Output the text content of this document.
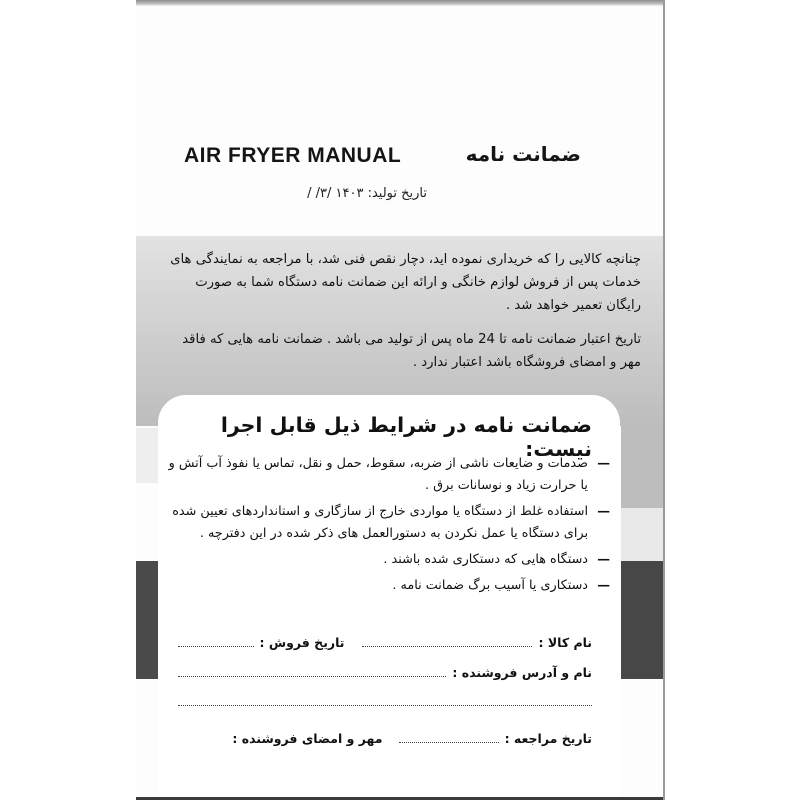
AIR FRYER MANUAL	ضمانت نامه
تاریخ تولید: ۱۴۰۳ /۳/ /

چنانچه کالایی را که خریداری نموده اید، دچار نقص فنی شد، با مراجعه به نمایندگی های خدمات پس از فروش لوازم خانگی و ارائه این ضمانت نامه دستگاه شما به صورت رایگان تعمیر خواهد شد .

تاریخ اعتبار ضمانت نامه تا 24 ماه پس از تولید می باشد . ضمانت نامه هایی که فاقد مهر و امضای فروشگاه باشد اعتبار ندارد .

ضمانت نامه در شرایط ذیل قابل اجرا نیست:
—
صدمات و ضایعات ناشی از ضربه، سقوط، حمل و نقل، تماس یا نفوذ آب آتش و یا حرارت زیاد و نوسانات برق .
—
استفاده غلط از دستگاه یا مواردی خارج از سازگاری و استانداردهای تعیین شده برای دستگاه یا عمل نکردن به دستورالعمل های ذکر شده در این دفترچه .
—
دستگاه هایی که دستکاری شده باشند .
—
دستکاری یا آسیب برگ ضمانت نامه .
نام کالا :
تاریخ فروش :
نام و آدرس فروشنده :
تاریخ مراجعه :
مهر و امضای فروشنده :
